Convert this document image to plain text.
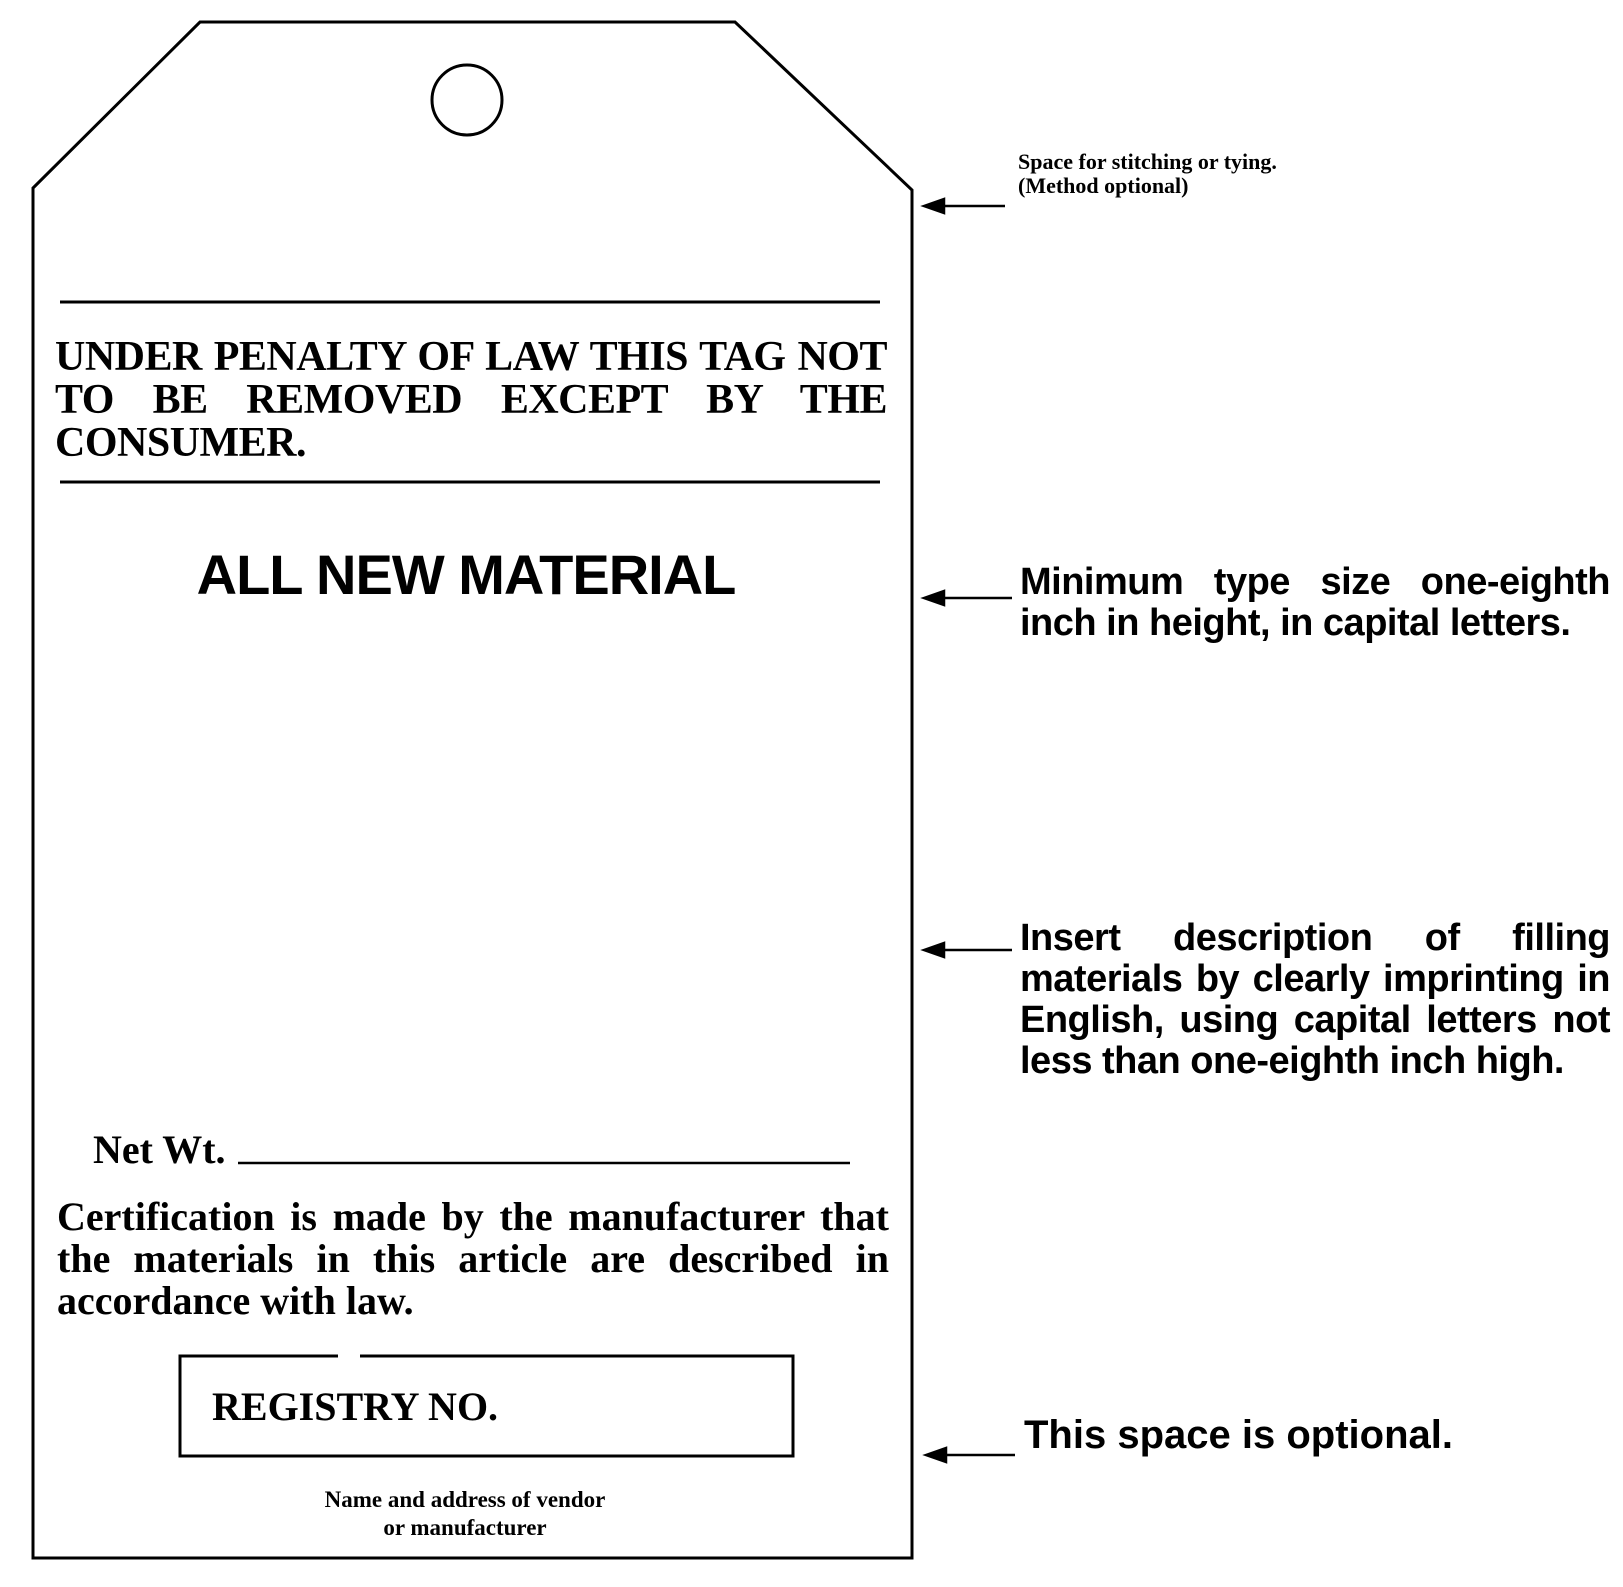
UNDER PENALTY OF LAW THIS TAG NOT TO BE REMOVED EXCEPT BY THE CONSUMER.
ALL NEW MATERIAL
Net Wt.
Certification is made by the manufacturer that the materials in this article are described in accordance with law.
REGISTRY NO.
Name and address of vendor
or manufacturer
Space for stitching or tying.
(Method optional)
Minimum type size one-eighth inch in height, in capital letters.
Insert description of filling materials by clearly imprinting in English, using capital letters not less than one-eighth inch high.
This space is optional.
